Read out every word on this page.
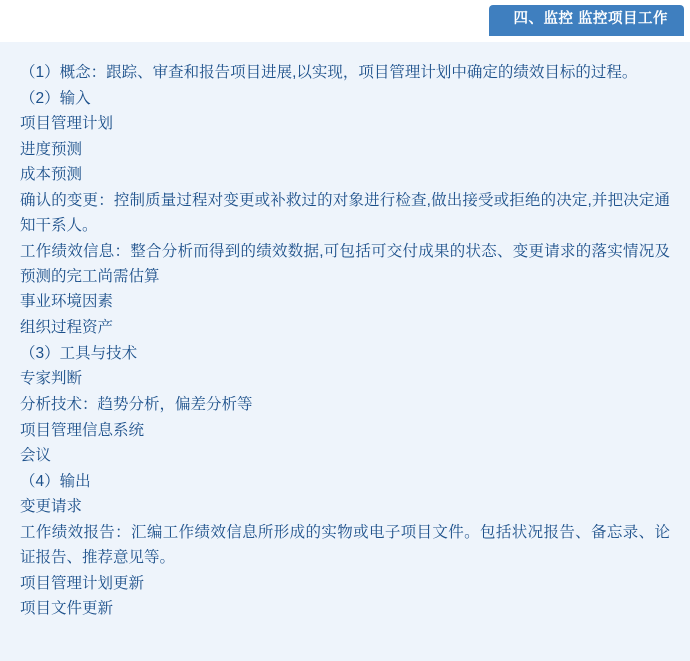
四、监控 监控项目工作

（1）概念：跟踪、审查和报告项目进展,以实现，项目管理计划中确定的绩效目标的过程。

（2）输入

项目管理计划

进度预测

成本预测

确认的变更：控制质量过程对变更或补救过的对象进行检查,做出接受或拒绝的决定,并把决定通知干系人。

工作绩效信息：整合分析而得到的绩效数据,可包括可交付成果的状态、变更请求的落实情况及预测的完工尚需估算

事业环境因素

组织过程资产

（3）工具与技术

专家判断

分析技术：趋势分析，偏差分析等

项目管理信息系统

会议

（4）输出

变更请求

工作绩效报告：汇编工作绩效信息所形成的实物或电子项目文件。包括状况报告、备忘录、论证报告、推荐意见等。

项目管理计划更新

项目文件更新
